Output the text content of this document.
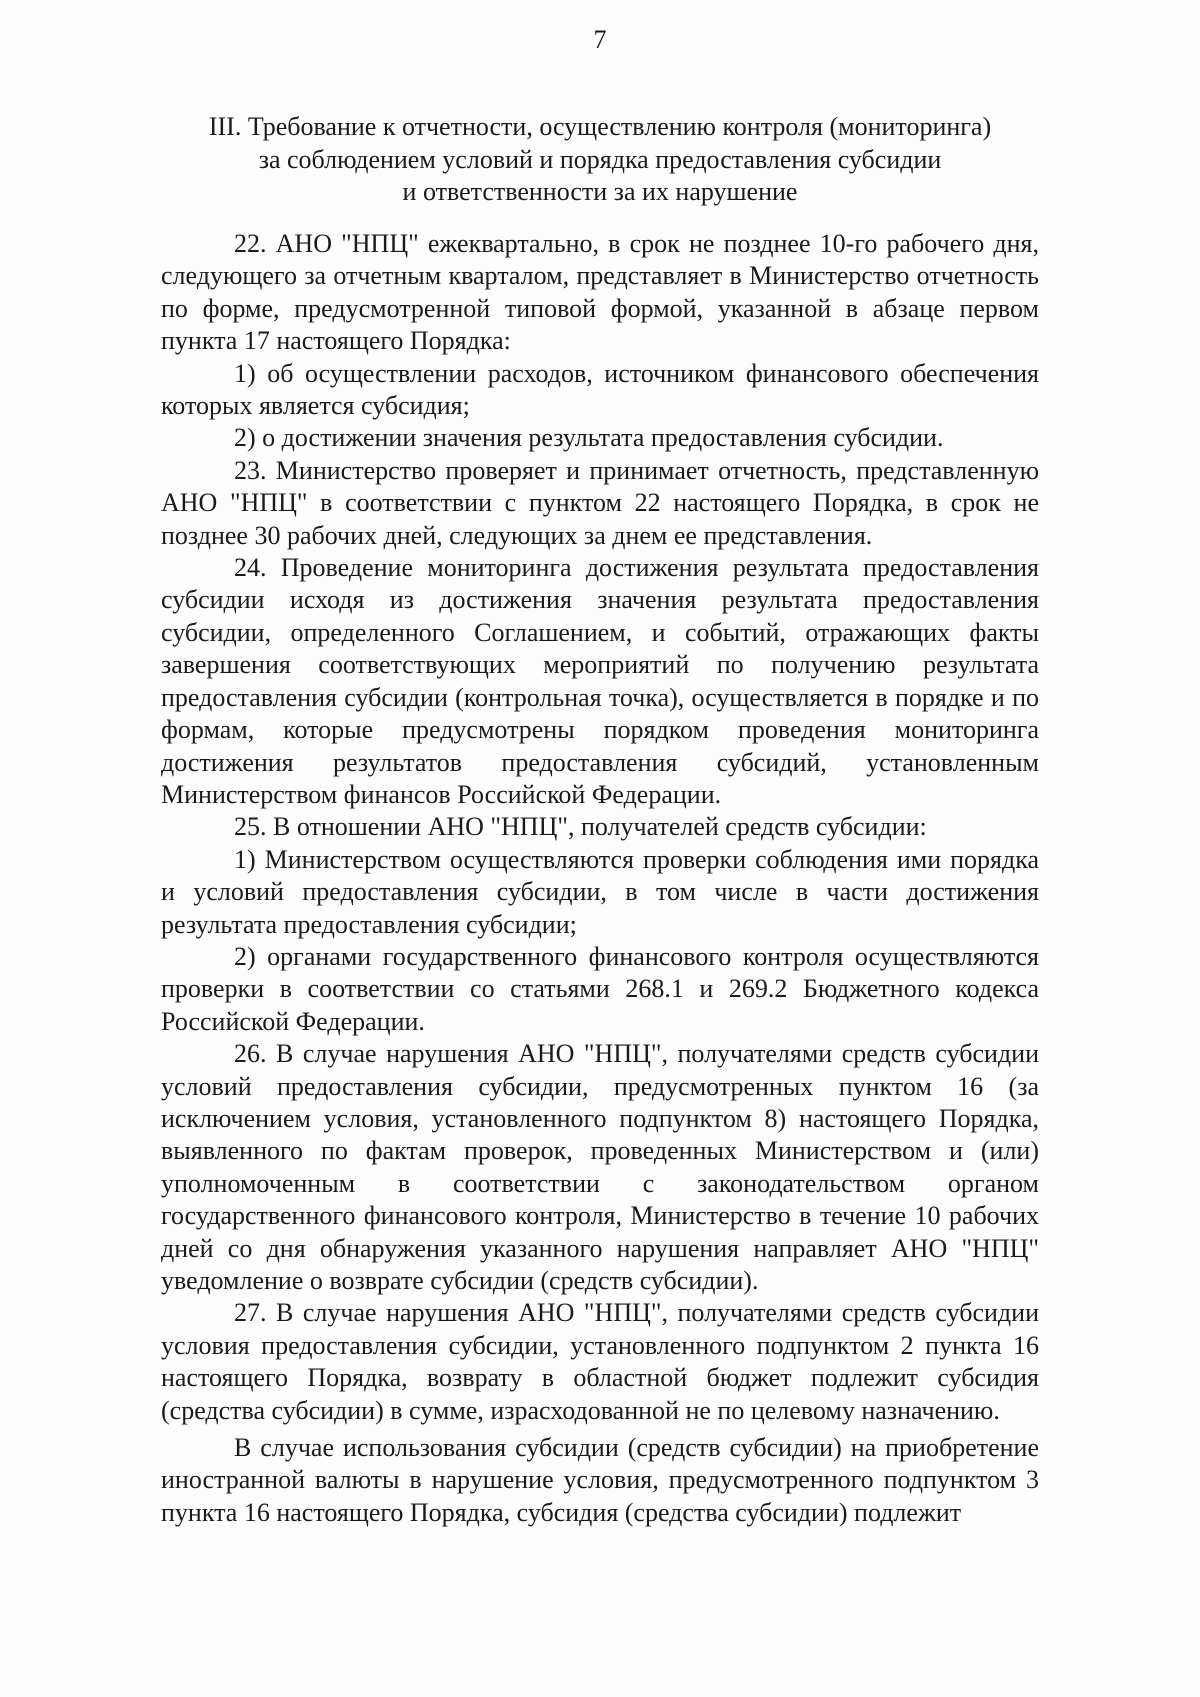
7
III. Требование к отчетности, осуществлению контроля (мониторинга)
за соблюдением условий и порядка предоставления субсидии
и ответственности за их нарушение

22. АНО "НПЦ" ежеквартально, в срок не позднее 10-го рабочего дня, следующего за отчетным кварталом, представляет в Министерство отчетность по форме, предусмотренной типовой формой, указанной в абзаце первом пункта 17 настоящего Порядка:

1) об осуществлении расходов, источником финансового обеспечения которых является субсидия;

2) о достижении значения результата предоставления субсидии.

23. Министерство проверяет и принимает отчетность, представленную АНО "НПЦ" в соответствии с пунктом 22 настоящего Порядка, в срок не позднее 30 рабочих дней, следующих за днем ее представления.

24. Проведение мониторинга достижения результата предоставления субсидии исходя из достижения значения результата предоставления субсидии, определенного Соглашением, и событий, отражающих факты завершения соответствующих мероприятий по получению результата предоставления субсидии (контрольная точка), осуществляется в порядке и по формам, которые предусмотрены порядком проведения мониторинга достижения результатов предоставления субсидий, установленным Министерством финансов Российской Федерации.

25. В отношении АНО "НПЦ", получателей средств субсидии:

1) Министерством осуществляются проверки соблюдения ими порядка и условий предоставления субсидии, в том числе в части достижения результата предоставления субсидии;

2) органами государственного финансового контроля осуществляются проверки в соответствии со статьями 268.1 и 269.2 Бюджетного кодекса Российской Федерации.

26. В случае нарушения АНО "НПЦ", получателями средств субсидии условий предоставления субсидии, предусмотренных пунктом 16 (за исключением условия, установленного подпунктом 8) настоящего Порядка, выявленного по фактам проверок, проведенных Министерством и (или) уполномоченным в соответствии с законодательством органом государственного финансового контроля, Министерство в течение 10 рабочих дней со дня обнаружения указанного нарушения направляет АНО "НПЦ" уведомление о возврате субсидии (средств субсидии).

27. В случае нарушения АНО "НПЦ", получателями средств субсидии условия предоставления субсидии, установленного подпунктом 2 пункта 16 настоящего Порядка, возврату в областной бюджет подлежит субсидия (средства субсидии) в сумме, израсходованной не по целевому назначению.

В случае использования субсидии (средств субсидии) на приобретение иностранной валюты в нарушение условия, предусмотренного подпунктом 3 пункта 16 настоящего Порядка, субсидия (средства субсидии) подлежит
